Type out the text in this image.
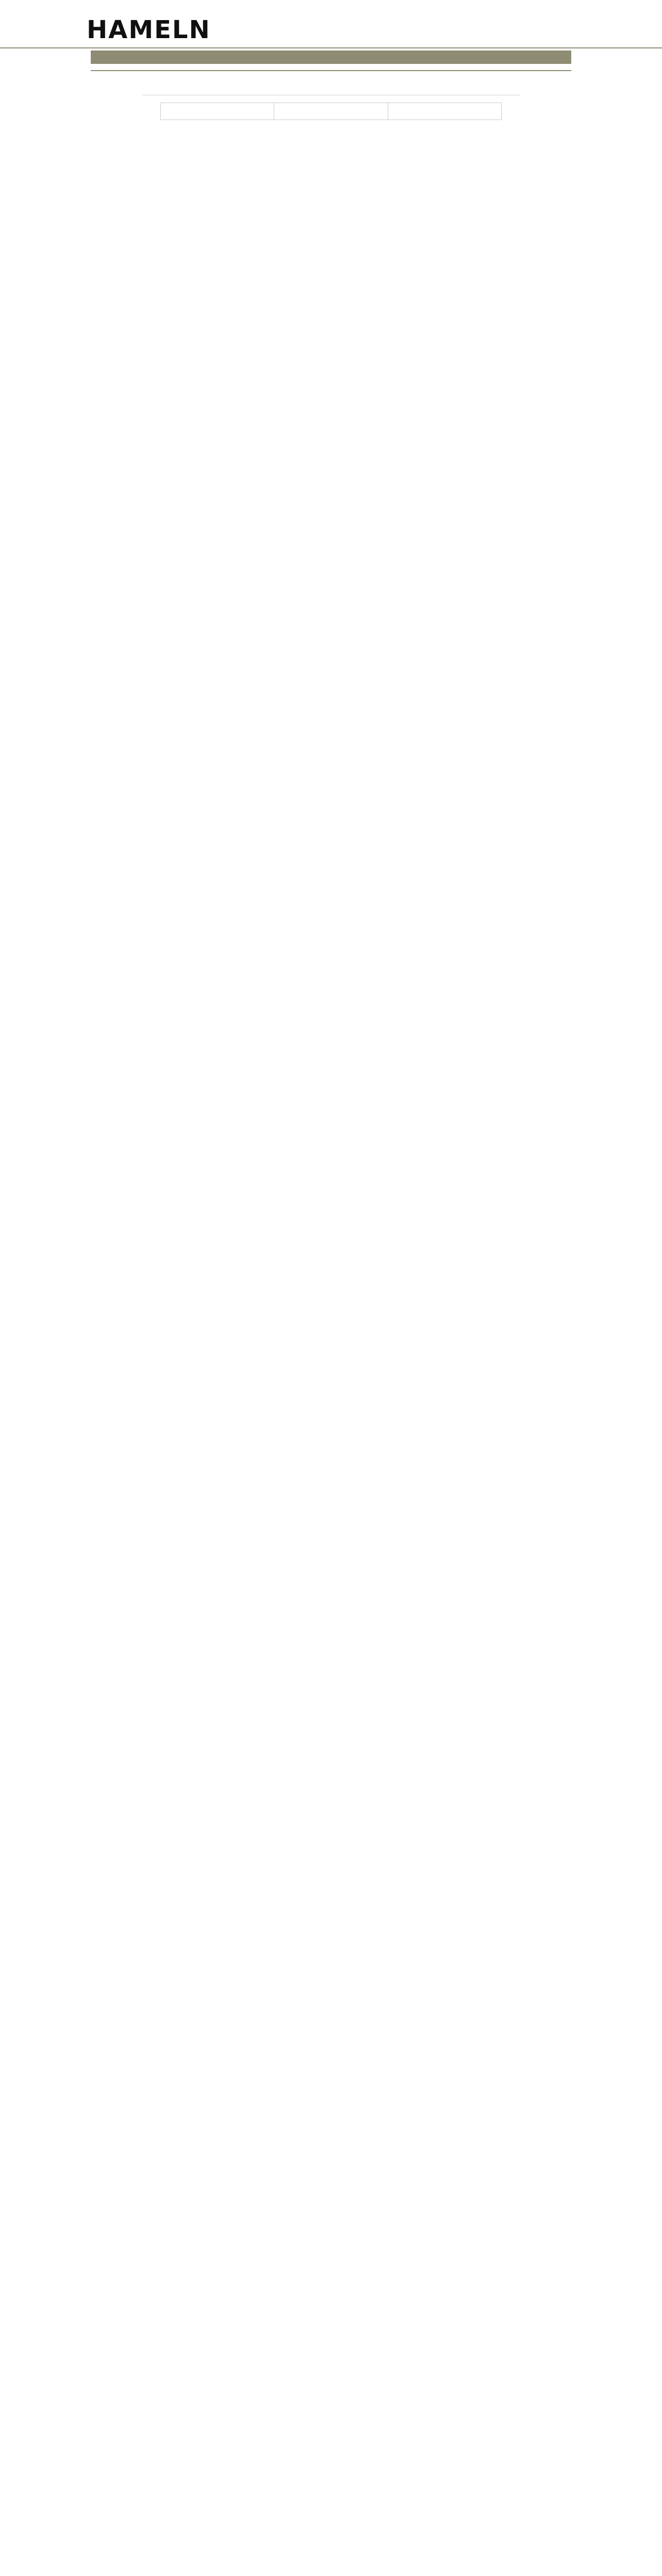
HAMELN
